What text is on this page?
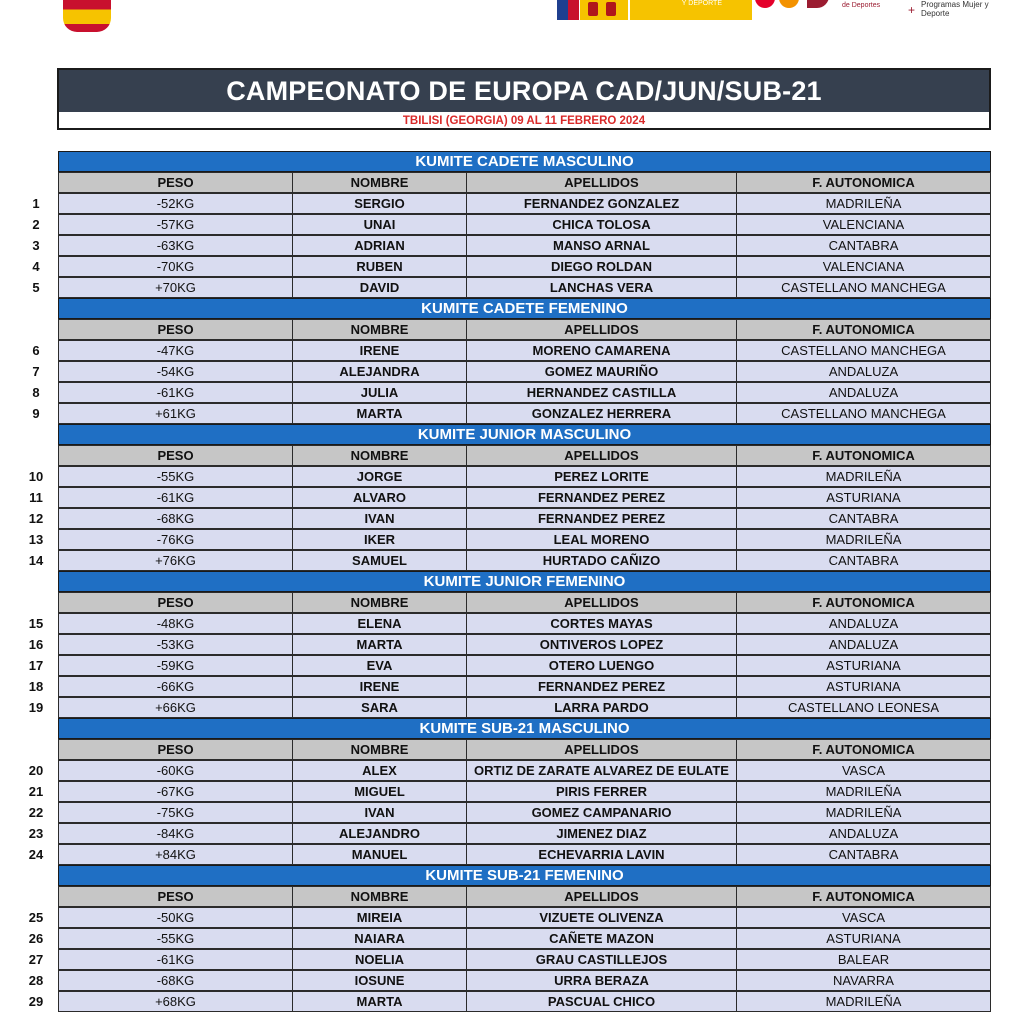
Y DEPORTE	de Deportes + Programas Mujer y Deporte
CAMPEONATO DE EUROPA CAD/JUN/SUB-21
TBILISI (GEORGIA) 09 AL 11 FEBRERO 2024
KUMITE CADETE MASCULINO
PESO	NOMBRE	APELLIDOS	F. AUTONOMICA
1	-52KG	SERGIO	FERNANDEZ GONZALEZ	MADRILEÑA
2	-57KG	UNAI	CHICA TOLOSA	VALENCIANA
3	-63KG	ADRIAN	MANSO ARNAL	CANTABRA
4	-70KG	RUBEN	DIEGO ROLDAN	VALENCIANA
5	+70KG	DAVID	LANCHAS VERA	CASTELLANO MANCHEGA
KUMITE CADETE FEMENINO
PESO	NOMBRE	APELLIDOS	F. AUTONOMICA
6	-47KG	IRENE	MORENO CAMARENA	CASTELLANO MANCHEGA
7	-54KG	ALEJANDRA	GOMEZ MAURIÑO	ANDALUZA
8	-61KG	JULIA	HERNANDEZ CASTILLA	ANDALUZA
9	+61KG	MARTA	GONZALEZ HERRERA	CASTELLANO MANCHEGA
KUMITE JUNIOR MASCULINO
PESO	NOMBRE	APELLIDOS	F. AUTONOMICA
10	-55KG	JORGE	PEREZ LORITE	MADRILEÑA
11	-61KG	ALVARO	FERNANDEZ PEREZ	ASTURIANA
12	-68KG	IVAN	FERNANDEZ PEREZ	CANTABRA
13	-76KG	IKER	LEAL MORENO	MADRILEÑA
14	+76KG	SAMUEL	HURTADO CAÑIZO	CANTABRA
KUMITE JUNIOR FEMENINO
PESO	NOMBRE	APELLIDOS	F. AUTONOMICA
15	-48KG	ELENA	CORTES MAYAS	ANDALUZA
16	-53KG	MARTA	ONTIVEROS LOPEZ	ANDALUZA
17	-59KG	EVA	OTERO LUENGO	ASTURIANA
18	-66KG	IRENE	FERNANDEZ PEREZ	ASTURIANA
19	+66KG	SARA	LARRA PARDO	CASTELLANO LEONESA
KUMITE SUB-21 MASCULINO
PESO	NOMBRE	APELLIDOS	F. AUTONOMICA
20	-60KG	ALEX	ORTIZ DE ZARATE ALVAREZ DE EULATE	VASCA
21	-67KG	MIGUEL	PIRIS FERRER	MADRILEÑA
22	-75KG	IVAN	GOMEZ CAMPANARIO	MADRILEÑA
23	-84KG	ALEJANDRO	JIMENEZ DIAZ	ANDALUZA
24	+84KG	MANUEL	ECHEVARRIA LAVIN	CANTABRA
KUMITE SUB-21 FEMENINO
PESO	NOMBRE	APELLIDOS	F. AUTONOMICA
25	-50KG	MIREIA	VIZUETE OLIVENZA	VASCA
26	-55KG	NAIARA	CAÑETE MAZON	ASTURIANA
27	-61KG	NOELIA	GRAU CASTILLEJOS	BALEAR
28	-68KG	IOSUNE	URRA BERAZA	NAVARRA
29	+68KG	MARTA	PASCUAL CHICO	MADRILEÑA
